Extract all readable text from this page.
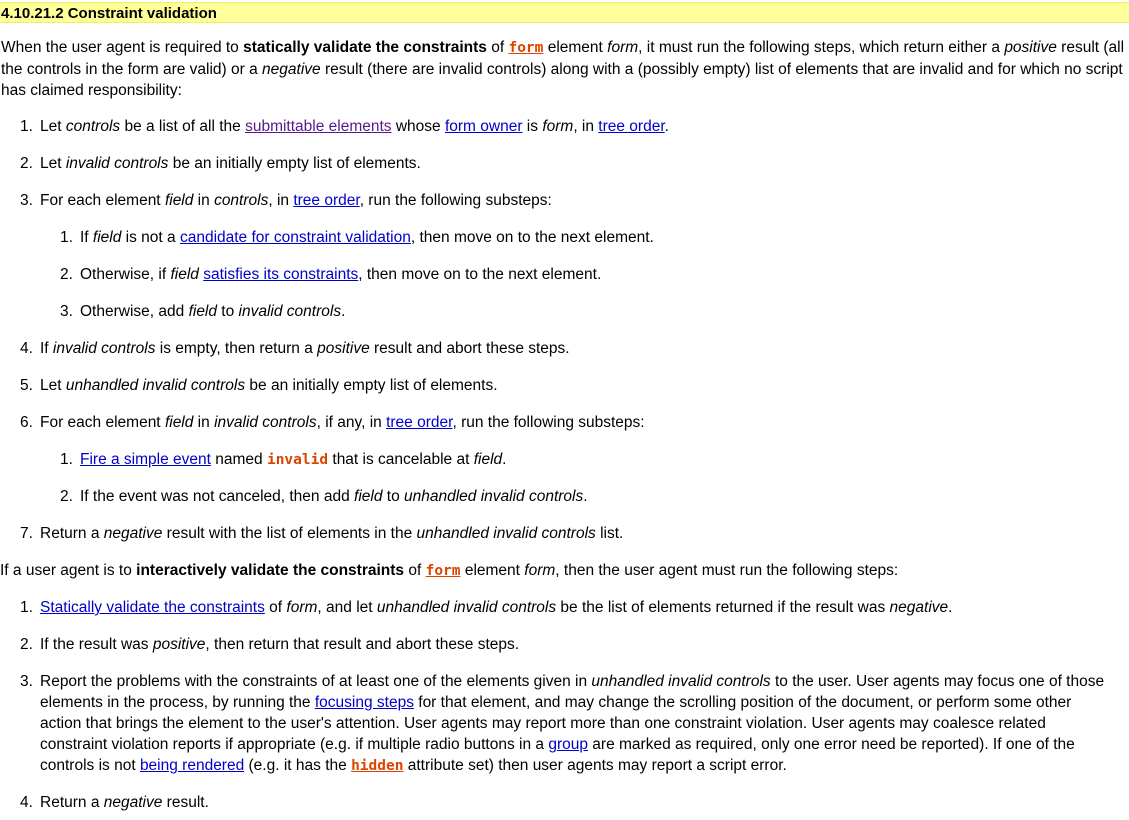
4.10.21.2 Constraint validation

When the user agent is required to statically validate the constraints of form element form, it must run the following steps, which return either a positive result (all the controls in the form are valid) or a negative result (there are invalid controls) along with a (possibly empty) list of elements that are invalid and for which no script has claimed responsibility:

1. Let controls be a list of all the submittable elements whose form owner is form, in tree order.
2. Let invalid controls be an initially empty list of elements.
3. For each element field in controls, in tree order, run the following substeps:
1. If field is not a candidate for constraint validation, then move on to the next element.
2. Otherwise, if field satisfies its constraints, then move on to the next element.
3. Otherwise, add field to invalid controls.
4. If invalid controls is empty, then return a positive result and abort these steps.
5. Let unhandled invalid controls be an initially empty list of elements.
6. For each element field in invalid controls, if any, in tree order, run the following substeps:
1. Fire a simple event named invalid that is cancelable at field.
2. If the event was not canceled, then add field to unhandled invalid controls.
7. Return a negative result with the list of elements in the unhandled invalid controls list.

If a user agent is to interactively validate the constraints of form element form, then the user agent must run the following steps:

1. Statically validate the constraints of form, and let unhandled invalid controls be the list of elements returned if the result was negative.
2. If the result was positive, then return that result and abort these steps.
3. Report the problems with the constraints of at least one of the elements given in unhandled invalid controls to the user. User agents may focus one of those elements in the process, by running the focusing steps for that element, and may change the scrolling position of the document, or perform some other action that brings the element to the user's attention. User agents may report more than one constraint violation. User agents may coalesce related constraint violation reports if appropriate (e.g. if multiple radio buttons in a group are marked as required, only one error need be reported). If one of the controls is not being rendered (e.g. it has the hidden attribute set) then user agents may report a script error.
4. Return a negative result.
